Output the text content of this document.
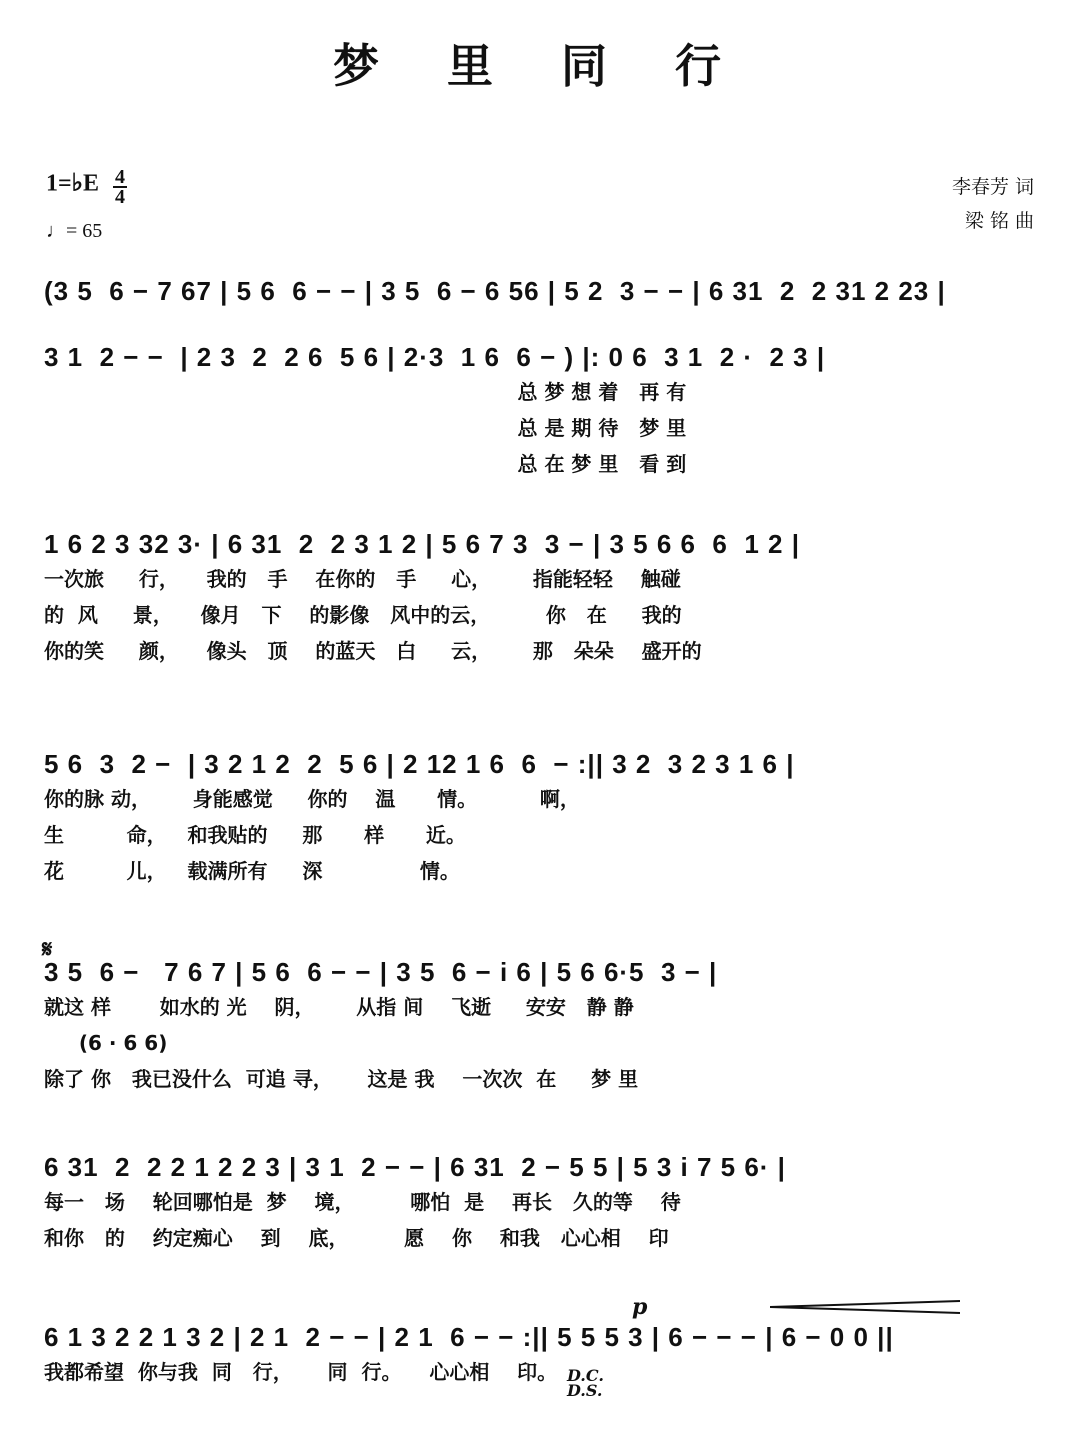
梦 里 同 行
1=♭E $\frac{4}{4}$
♩= 65
李春芳 词
梁 铭 曲
(3 5  6 − 7 67 | 5 6  6 − − | 3 5  6 − 6 56 | 5 2  3 − − | 6 31  2  2 31 2 23 |
3 1  2 − −  | 2 3  2  2 6  5 6 | 2·3  1 6  6 − ) |: 0 6  3 1  2 ·  2 3 |
总 梦 想 着   再 有
总 是 期 待   梦 里
总 在 梦 里   看 到
1 6 2 3 32 3· | 6 31  2  2 3 1 2 | 5 6 7 3  3 − | 3 5 6 6  6  1 2 |
一次旅     行，    我的   手    在你的   手     心，      指能轻轻    触碰
的  风     景，    像月   下    的影像   风中的云，        你   在     我的
你的笑     颜，    像头   顶    的蓝天   白     云，      那   朵朵    盛开的
5 6  3  2 −  | 3 2 1 2  2  5 6 | 2 12 1 6  6  − :|| 3 2  3 2 3 1 6 |
你的脉 动，      身能感觉     你的    温      情。         啊，
生         命，   和我贴的     那      样      近。
花         儿，   载满所有     深              情。
𝄋
3 5  6 −   7 6 7 | 5 6  6 − − | 3 5  6 − i 6 | 5 6 6·5  3 − |
就这 样       如水的 光    阴，      从指 间    飞逝     安安   静 静
(6 · 6 6)
除了 你   我已没什么  可追 寻，     这是 我    一次次  在     梦 里
6 31  2  2 2 1 2 2 3 | 3 1  2 − − | 6 31  2 − 5 5 | 5 3 i 7 5 6· |
每一   场    轮回哪怕是  梦    境，        哪怕  是    再长   久的等    待
和你   的    约定痴心    到    底，        愿    你    和我   心心相    印
p
6 1 3 2 2 1 3 2 | 2 1  2 − − | 2 1  6 − − :|| 5 5 5 3 | 6 − − − | 6 − 0 0 ||
我都希望  你与我  同   行，     同  行。    心心相    印。 D.C.
D.S.
